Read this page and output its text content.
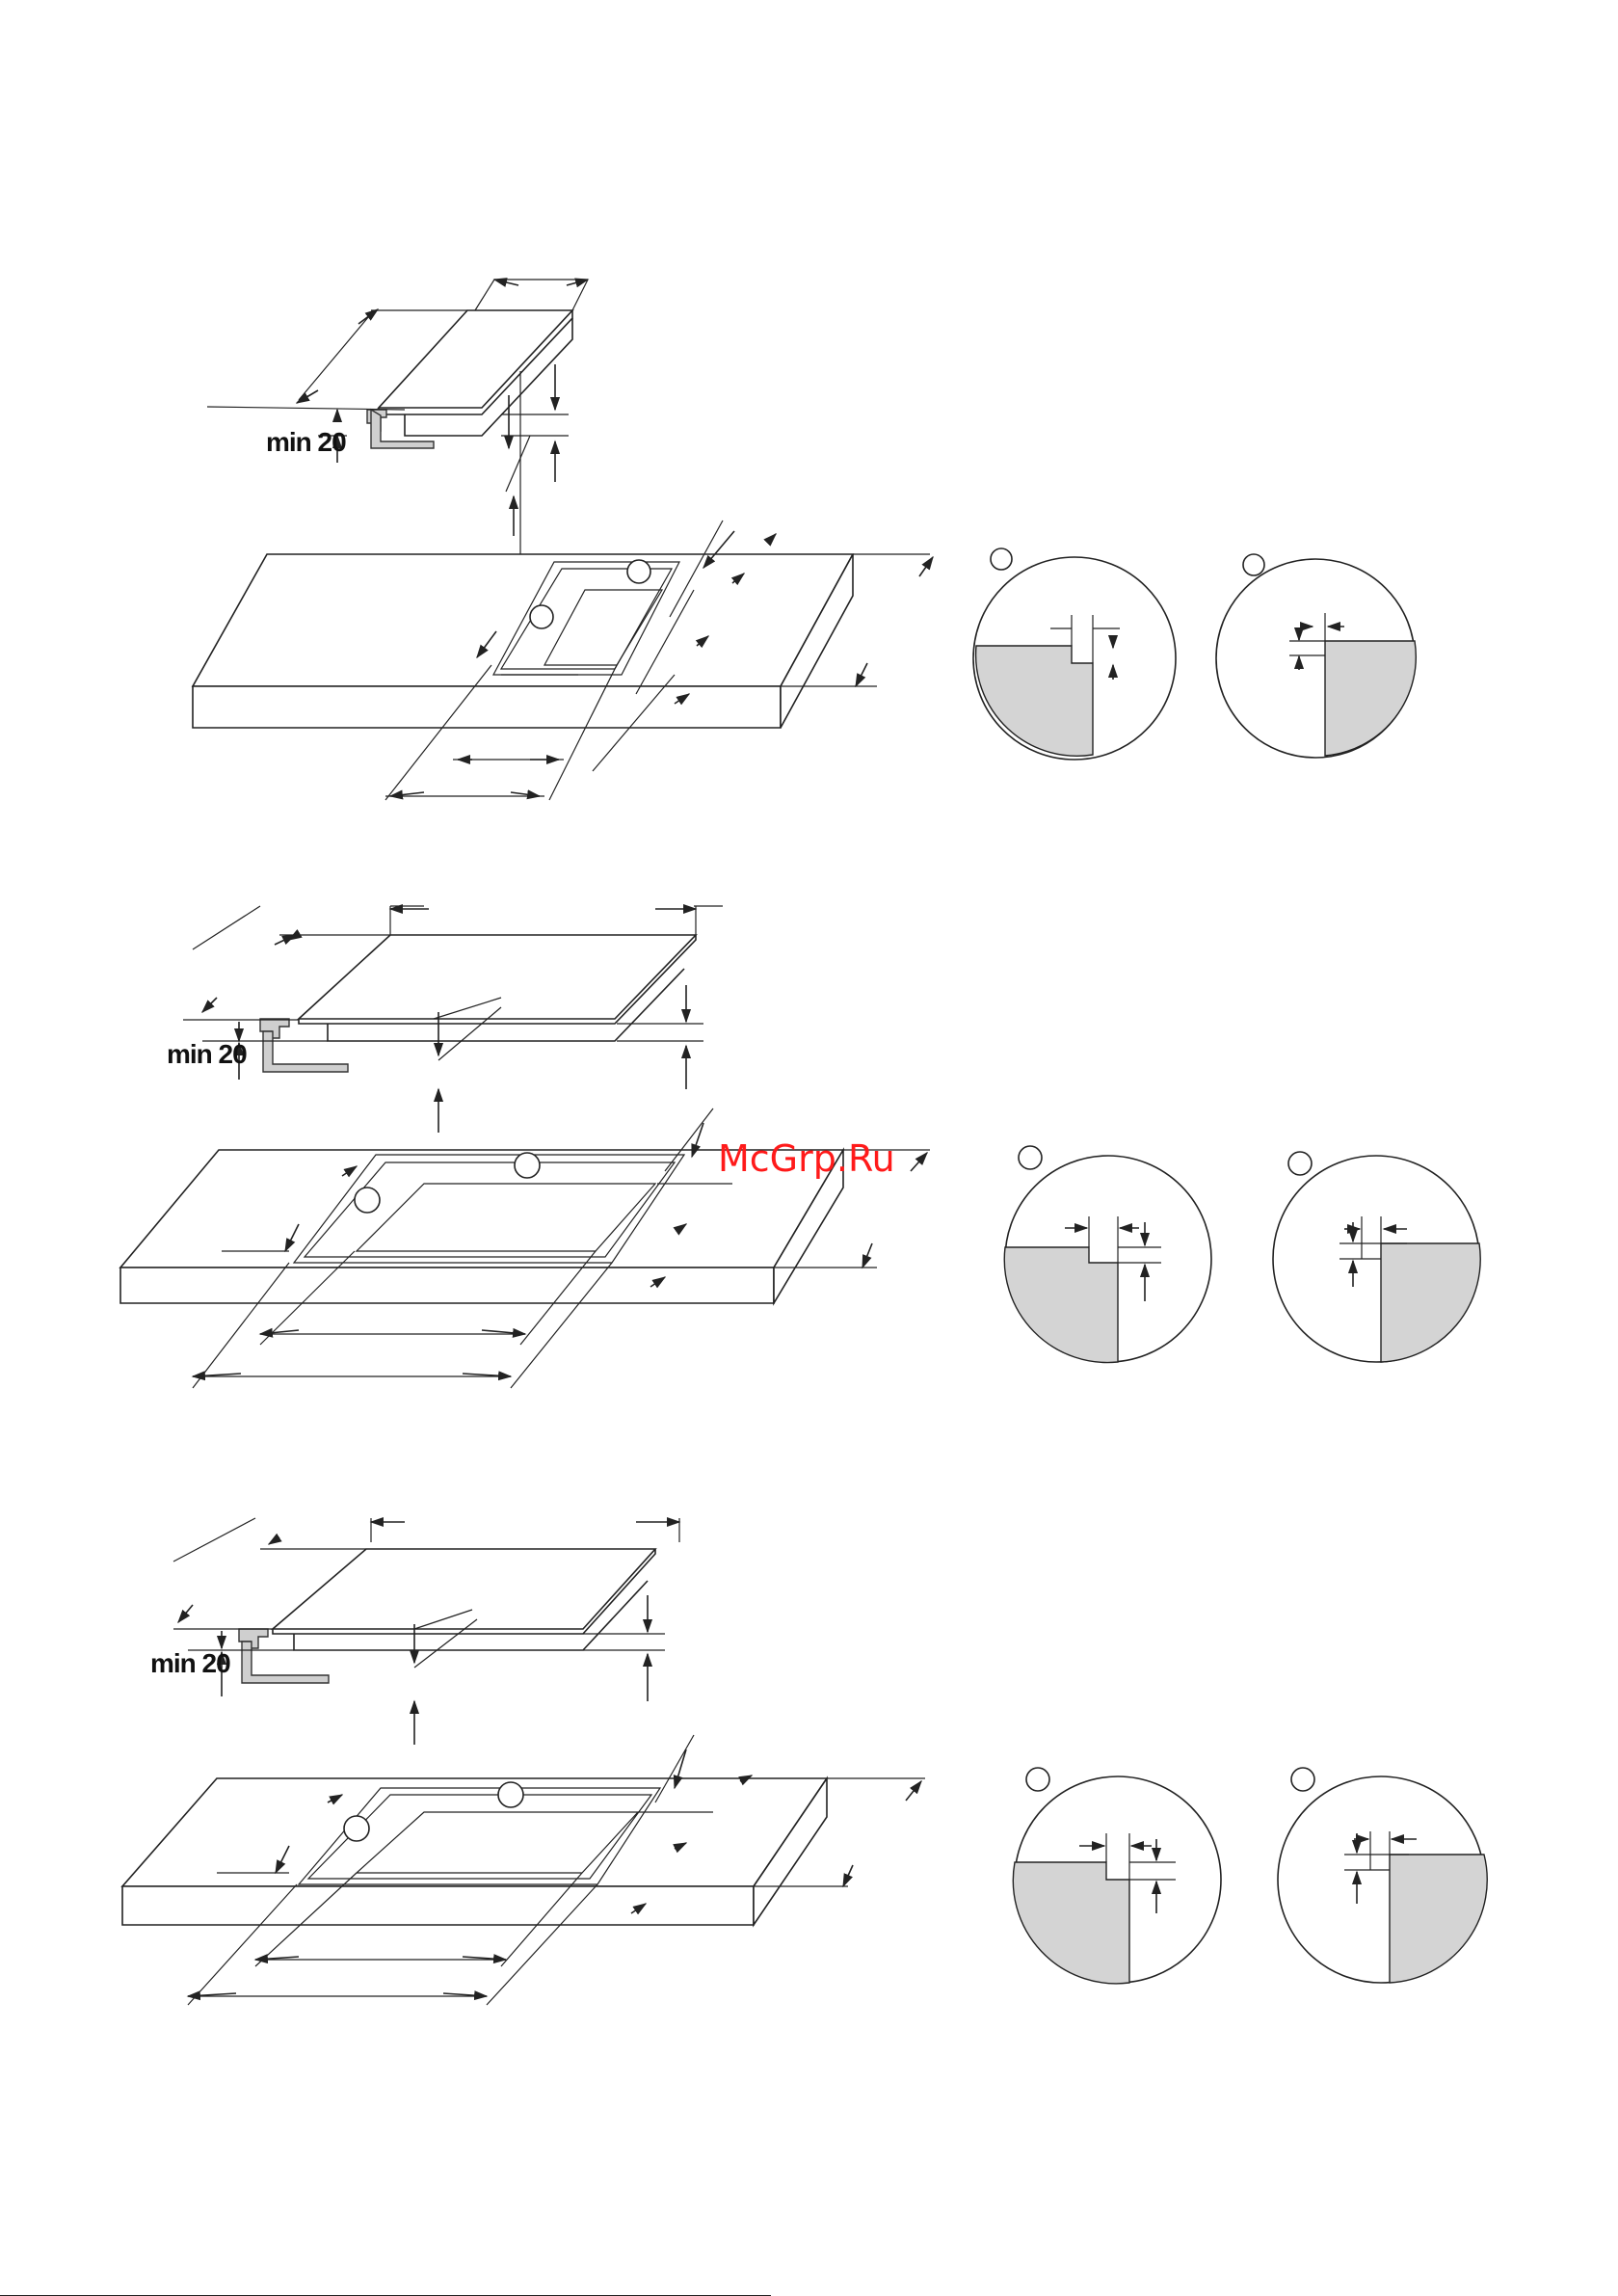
min 20
min 20
McGrp.Ru
min 20
